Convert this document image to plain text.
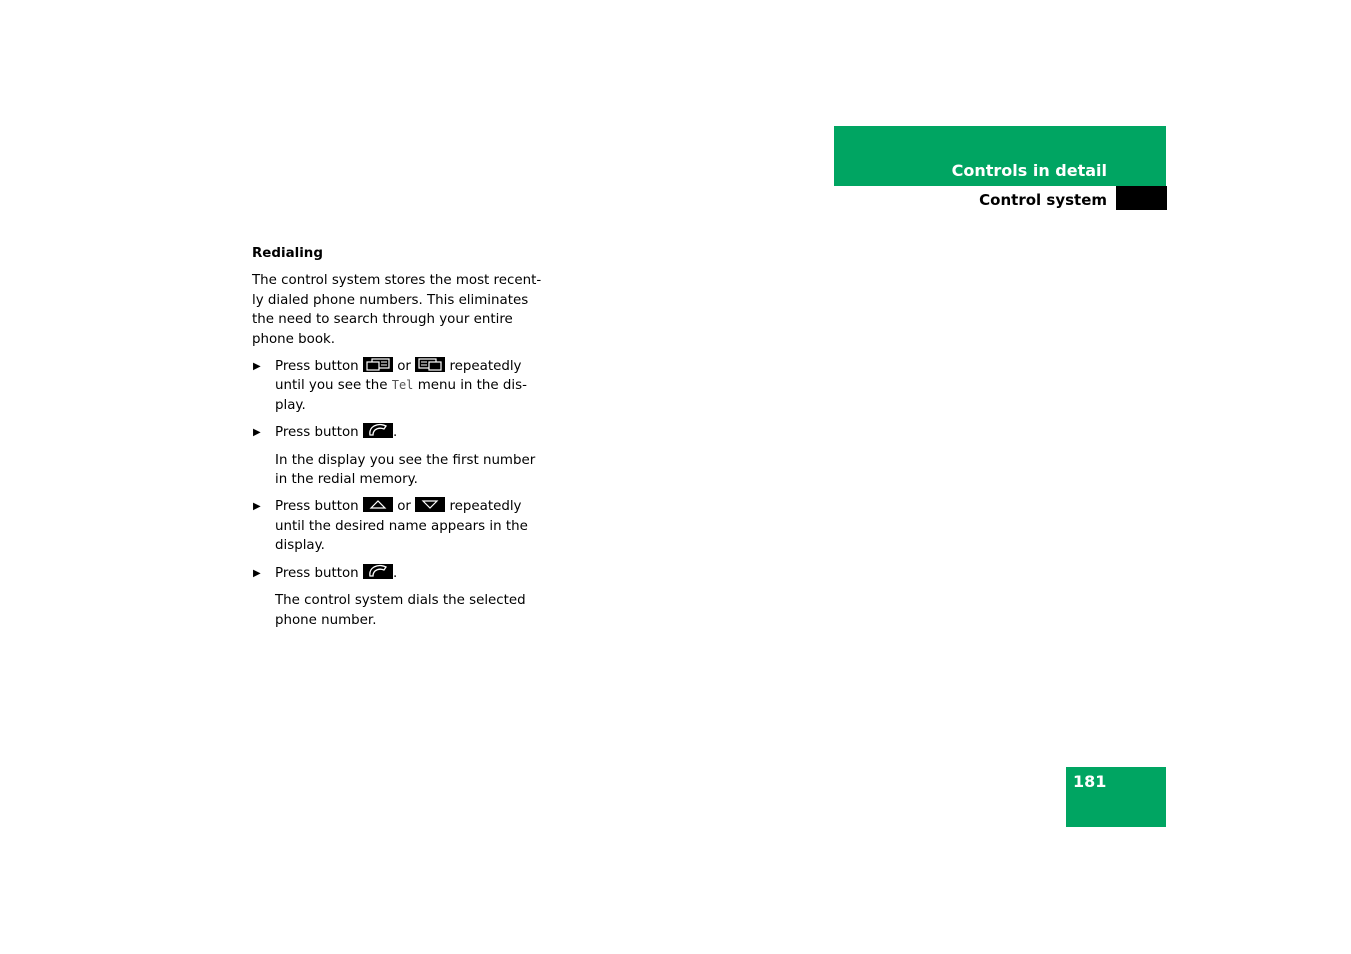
Controls in detail
Control system
181
Redialing
The control system stores the most recent-
ly dialed phone numbers. This eliminates
the need to search through your entire
phone book.
▶ Press button	or	repeatedly
until you see the Tel menu in the dis-
play.
▶ Press button	.
In the display you see the first number
in the redial memory.
▶ Press button	or	repeatedly
until the desired name appears in the
display.
▶ Press button	.
The control system dials the selected
phone number.
